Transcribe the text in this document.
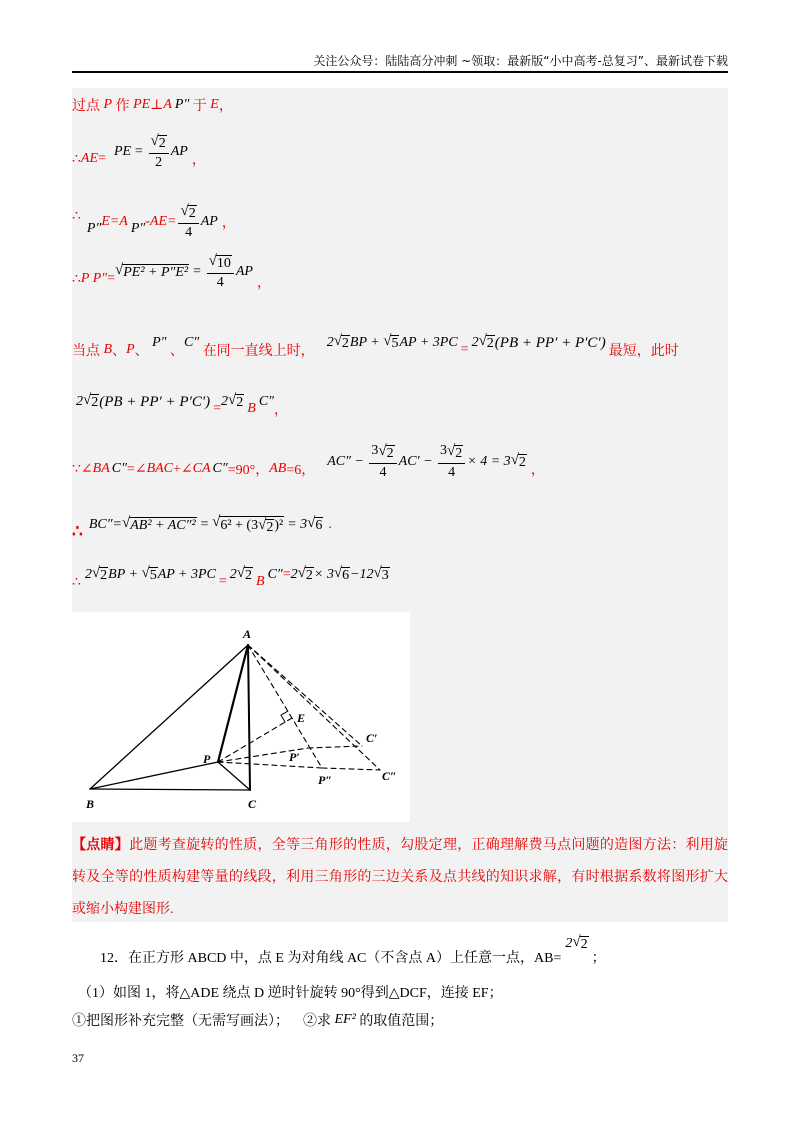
关注公众号：陆陆高分冲刺 ~领取：最新版“小中高考-总复习”、最新试卷下载
过点 P 作 PE ⊥ A P″ 于 E ，
∴ AE = PE = $\frac{√ 2}{2}$ AP
，
∴
P″ E=A P″ $-AE= \frac{√ 2}{4}$ AP ，
∴ P P″ =
√ $PE^2 + P''E^2 = \frac{√ 10}{4}$ AP
，
当点 B 、 P 、
P″
、
C″
在同一直线上时，
2 √ 2 BP + √ 5 AP + 3PC = 2 √ 2 (PB + PP′ + P′C′)
最短，此时
2 √ 2 (PB + PP′ + P′C′) = 2 √ 2 B C″
，
∵∠ BA C″ =∠ BAC +∠ CA C″ =90°， AB =6，
$AC'' - \frac{3 √ 2}{4} AC' - \frac{3 √ 2}{4} \times 4 = 3$ √ 2
，
∴ BC″= √ AB² + AC″² = √ 6² + (3 √ 2 )² = 3 √ 6 .
∴ 2 √ 2 BP + √ 5 AP + 3PC = 2 √ 2 B C″ = 2 √ 2 × 3 √ 6 −12 √ 3
A
B	C
P
E
C′
P′
P″	C″
【点睛】此题考查旋转的性质，全等三角形的性质，勾股定理，正确理解费马点问题的造图方法：利用旋
转及全等的性质构建等量的线段，利用三角形的三边关系及点共线的知识求解，有时根据系数将图形扩大
或缩小构建图形.
12．在正方形 ABCD 中，点 E 为对角线 AC（不含点 A）上任意一点，AB=
2 √ 2
；
（1）如图 1，将△ADE 绕点 D 逆时针旋转 90°得到△DCF，连接 EF；
①把图形补充完整（无需写画法）； ②求 EF² 的取值范围；
37
